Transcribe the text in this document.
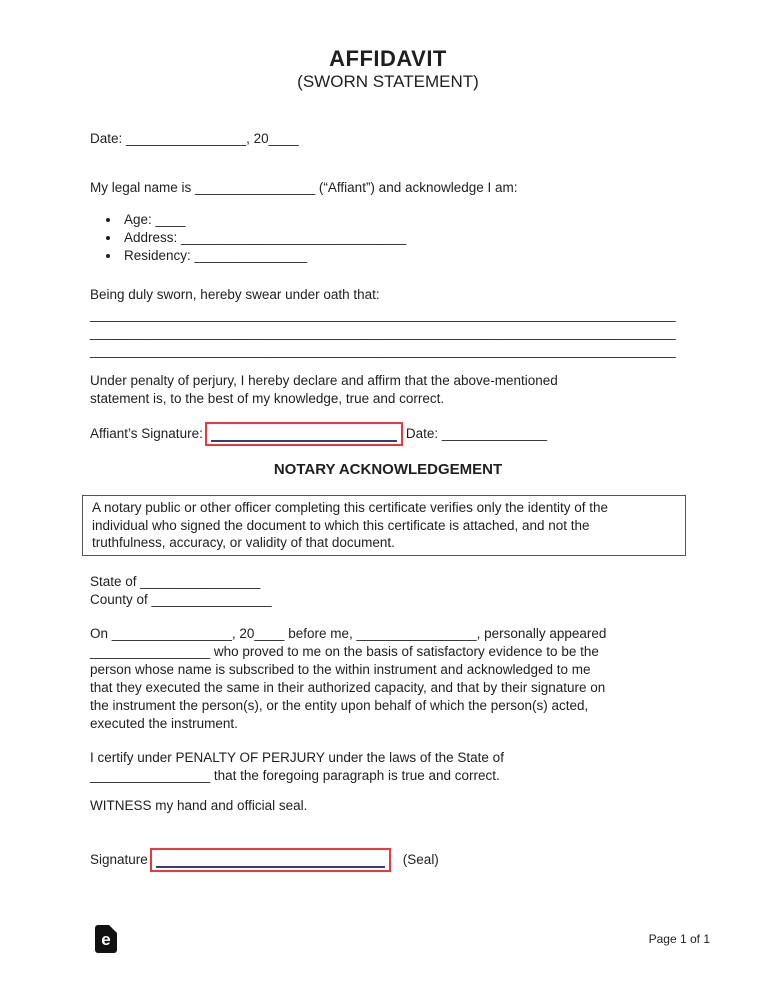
AFFIDAVIT
(SWORN STATEMENT)
Date: ________________, 20____
My legal name is ________________ (“Affiant”) and acknowledge I am:
• Age: ____
• Address: ______________________________
• Residency: _______________
Being duly sworn, hereby swear under oath that:
______________________________________________________________________________
______________________________________________________________________________
______________________________________________________________________________
Under penalty of perjury, I hereby declare and affirm that the above-mentioned
statement is, to the best of my knowledge, true and correct.
Affiant’s Signature:	Date: ______________
NOTARY ACKNOWLEDGEMENT
A notary public or other officer completing this certificate verifies only the identity of the
individual who signed the document to which this certificate is attached, and not the
truthfulness, accuracy, or validity of that document.
State of ________________
County of ________________
On ________________, 20____ before me, ________________, personally appeared
________________ who proved to me on the basis of satisfactory evidence to be the
person whose name is subscribed to the within instrument and acknowledged to me
that they executed the same in their authorized capacity, and that by their signature on
the instrument the person(s), or the entity upon behalf of which the person(s) acted,
executed the instrument.
I certify under PENALTY OF PERJURY under the laws of the State of
________________ that the foregoing paragraph is true and correct.
WITNESS my hand and official seal.
Signature	(Seal)
e	Page 1 of 1
